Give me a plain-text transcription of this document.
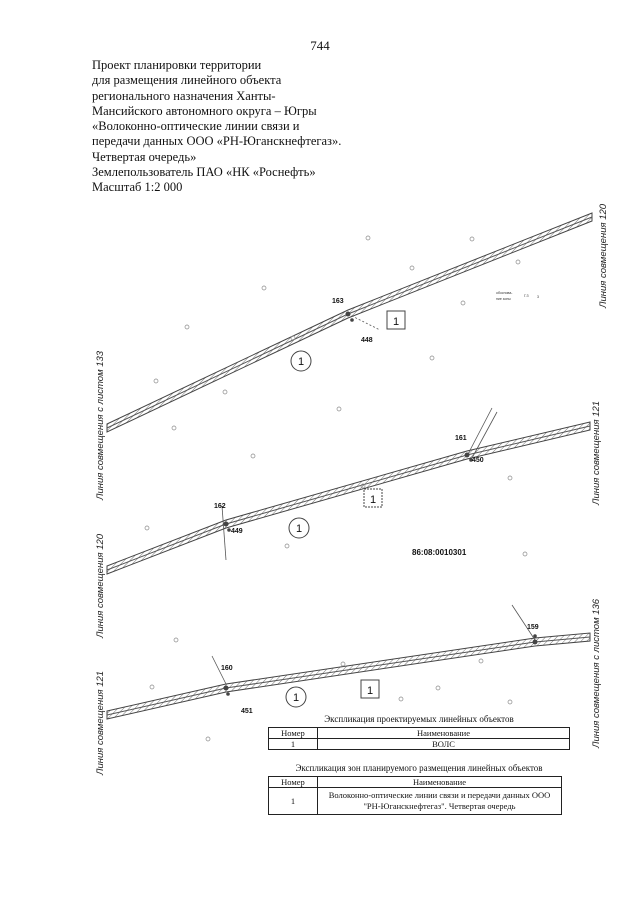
744
Проект планировки территории
для размещения линейного объекта
регионального назначения Ханты-
Мансийского автономного округа – Югры
«Волоконно-оптические линии связи и
передачи данных ООО «РН-Юганскнефтегаз».
Четвертая очередь»
Землепользователь ПАО «НК «Роснефть»
Масштаб 1:2 000
1
1
1
1
1
1
163
448
161
450
162
449
160
451
159
86:08:0010301
обоснова-
ние зоны
Г.З 3	Линия совмещения 120
Линия совмещения с листом 133	Линия совмещения 121
Линия совмещения 120
Линия совмещения с листом 136
Линия совмещения 121	Экспликация проектируемых линейных объектов
Номер	Наименование
1	ВОЛС
Экспликация зон планируемого размещения линейных объектов
Номер	Наименование
1	Волоконно-оптические линии связи и передачи данных ООО "РН-Юганскнефтегаз". Четвертая очередь
